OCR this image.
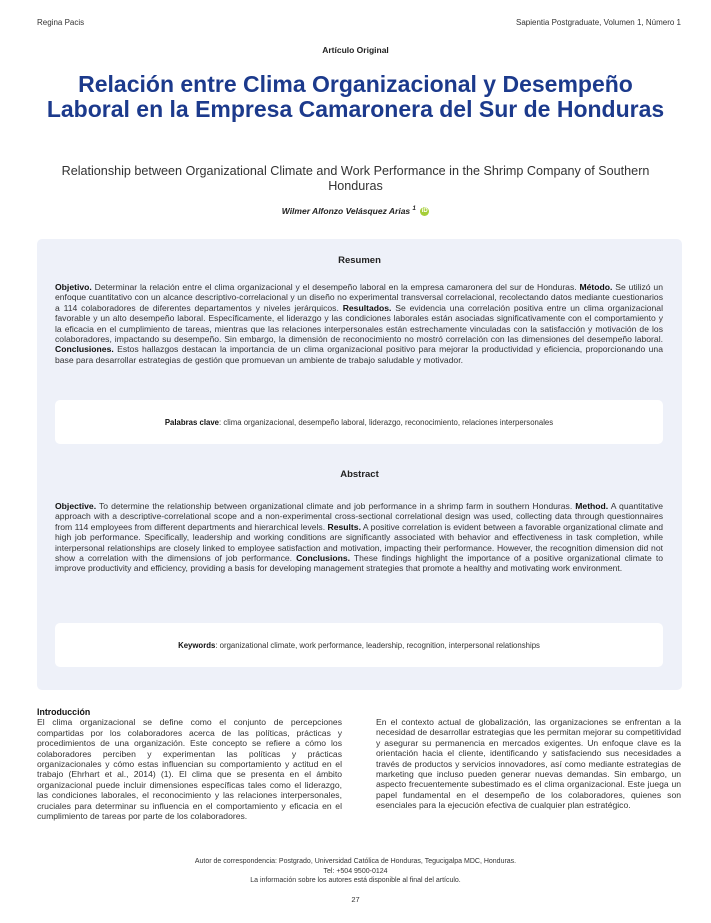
Regina Pacis	Sapientia Postgraduate, Volumen 1, Número 1
Artículo Original
Relación entre Clima Organizacional y Desempeño Laboral en la Empresa Camaronera del Sur de Honduras
Relationship between Organizational Climate and Work Performance in the Shrimp Company of Southern Honduras
Wilmer Alfonzo Velásquez Arias $^1$ iD
Resumen
Objetivo. Determinar la relación entre el clima organizacional y el desempeño laboral en la empresa camaronera del sur de Honduras. Método. Se utilizó un enfoque cuantitativo con un alcance descriptivo-correlacional y un diseño no experimental transversal correlacional, recolectando datos mediante cuestionarios a 114 colaboradores de diferentes departamentos y niveles jerárquicos. Resultados. Se evidencia una correlación positiva entre un clima organizacional favorable y un alto desempeño laboral. Específicamente, el liderazgo y las condiciones laborales están asociadas significativamente con el comportamiento y la eficacia en el cumplimiento de tareas, mientras que las relaciones interpersonales están estrechamente vinculadas con la satisfacción y motivación de los colaboradores, impactando su desempeño. Sin embargo, la dimensión de reconocimiento no mostró correlación con las dimensiones del desempeño laboral. Conclusiones. Estos hallazgos destacan la importancia de un clima organizacional positivo para mejorar la productividad y eficiencia, proporcionando una base para desarrollar estrategias de gestión que promuevan un ambiente de trabajo saludable y motivador.
Palabras clave: clima organizacional, desempeño laboral, liderazgo, reconocimiento, relaciones interpersonales
Abstract
Objective. To determine the relationship between organizational climate and job performance in a shrimp farm in southern Honduras. Method. A quantitative approach with a descriptive-correlational scope and a non-experimental cross-sectional correlational design was used, collecting data through questionnaires from 114 employees from different departments and hierarchical levels. Results. A positive correlation is evident between a favorable organizational climate and high job performance. Specifically, leadership and working conditions are significantly associated with behavior and effectiveness in task completion, while interpersonal relationships are closely linked to employee satisfaction and motivation, impacting their performance. However, the recognition dimension did not show a correlation with the dimensions of job performance. Conclusions. These findings highlight the importance of a positive organizational climate to improve productivity and efficiency, providing a basis for developing management strategies that promote a healthy and motivating work environment.
Keywords: organizational climate, work performance, leadership, recognition, interpersonal relationships
Introducción
El clima organizacional se define como el conjunto de percepciones compartidas por los colaboradores acerca de las políticas, prácticas y procedimientos de una organización. Este concepto se refiere a cómo los colaboradores perciben y experimentan las políticas y prácticas organizacionales y cómo estas influencian su comportamiento y actitud en el trabajo (Ehrhart et al., 2014) (1). El clima que se presenta en el ámbito organizacional puede incluir dimensiones específicas tales como el liderazgo, las condiciones laborales, el reconocimiento y las relaciones interpersonales, cruciales para determinar su influencia en el comportamiento y eficacia en el cumplimiento de tareas por parte de los colaboradores.
En el contexto actual de globalización, las organizaciones se enfrentan a la necesidad de desarrollar estrategias que les permitan mejorar su competitividad y asegurar su permanencia en mercados exigentes. Un enfoque clave es la orientación hacia el cliente, identificando y satisfaciendo sus necesidades a través de productos y servicios innovadores, así como mediante estrategias de marketing que incluso pueden generar nuevas demandas. Sin embargo, un aspecto frecuentemente subestimado es el clima organizacional. Este juega un papel fundamental en el desempeño de los colaboradores, quienes son esenciales para la ejecución efectiva de cualquier plan estratégico.
Autor de correspondencia: Postgrado, Universidad Católica de Honduras, Tegucigalpa MDC, Honduras.
Tel: +504 9500-0124
La información sobre los autores está disponible al final del artículo.
27
